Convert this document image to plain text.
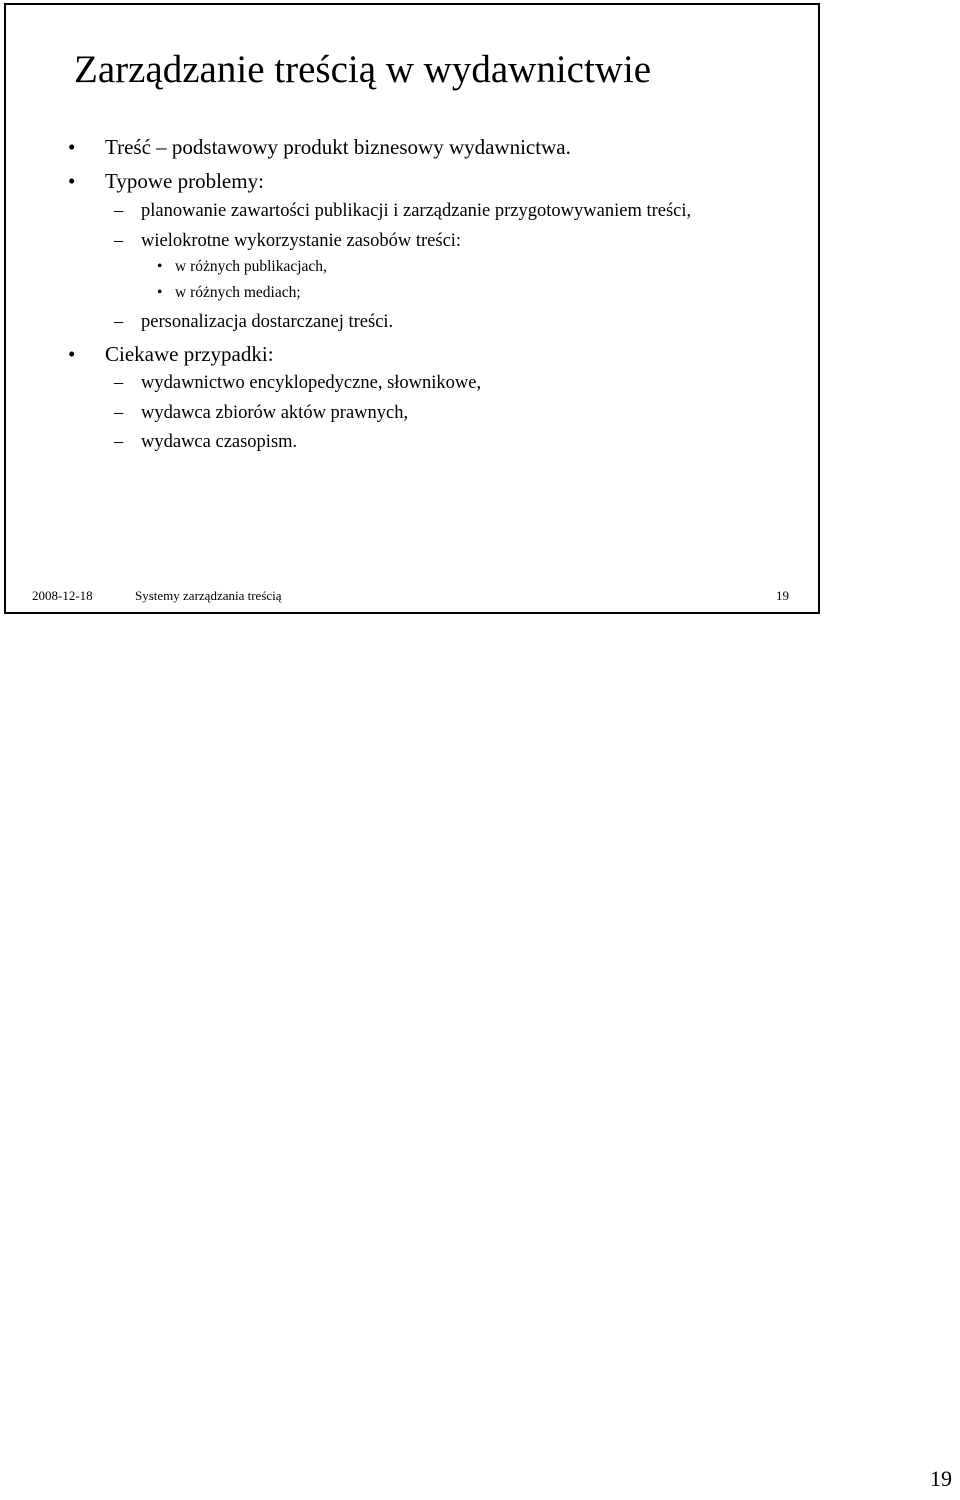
Zarządzanie treścią w wydawnictwie
• Treść – podstawowy produkt biznesowy wydawnictwa.
• Typowe problemy:
– planowanie zawartości publikacji i zarządzanie przygotowywaniem treści,
– wielokrotne wykorzystanie zasobów treści:
• w różnych publikacjach,
• w różnych mediach;
– personalizacja dostarczanej treści.
• Ciekawe przypadki:
– wydawnictwo encyklopedyczne, słownikowe,
– wydawca zbiorów aktów prawnych,
– wydawca czasopism.
2008-12-18	Systemy zarządzania treścią	19
19
